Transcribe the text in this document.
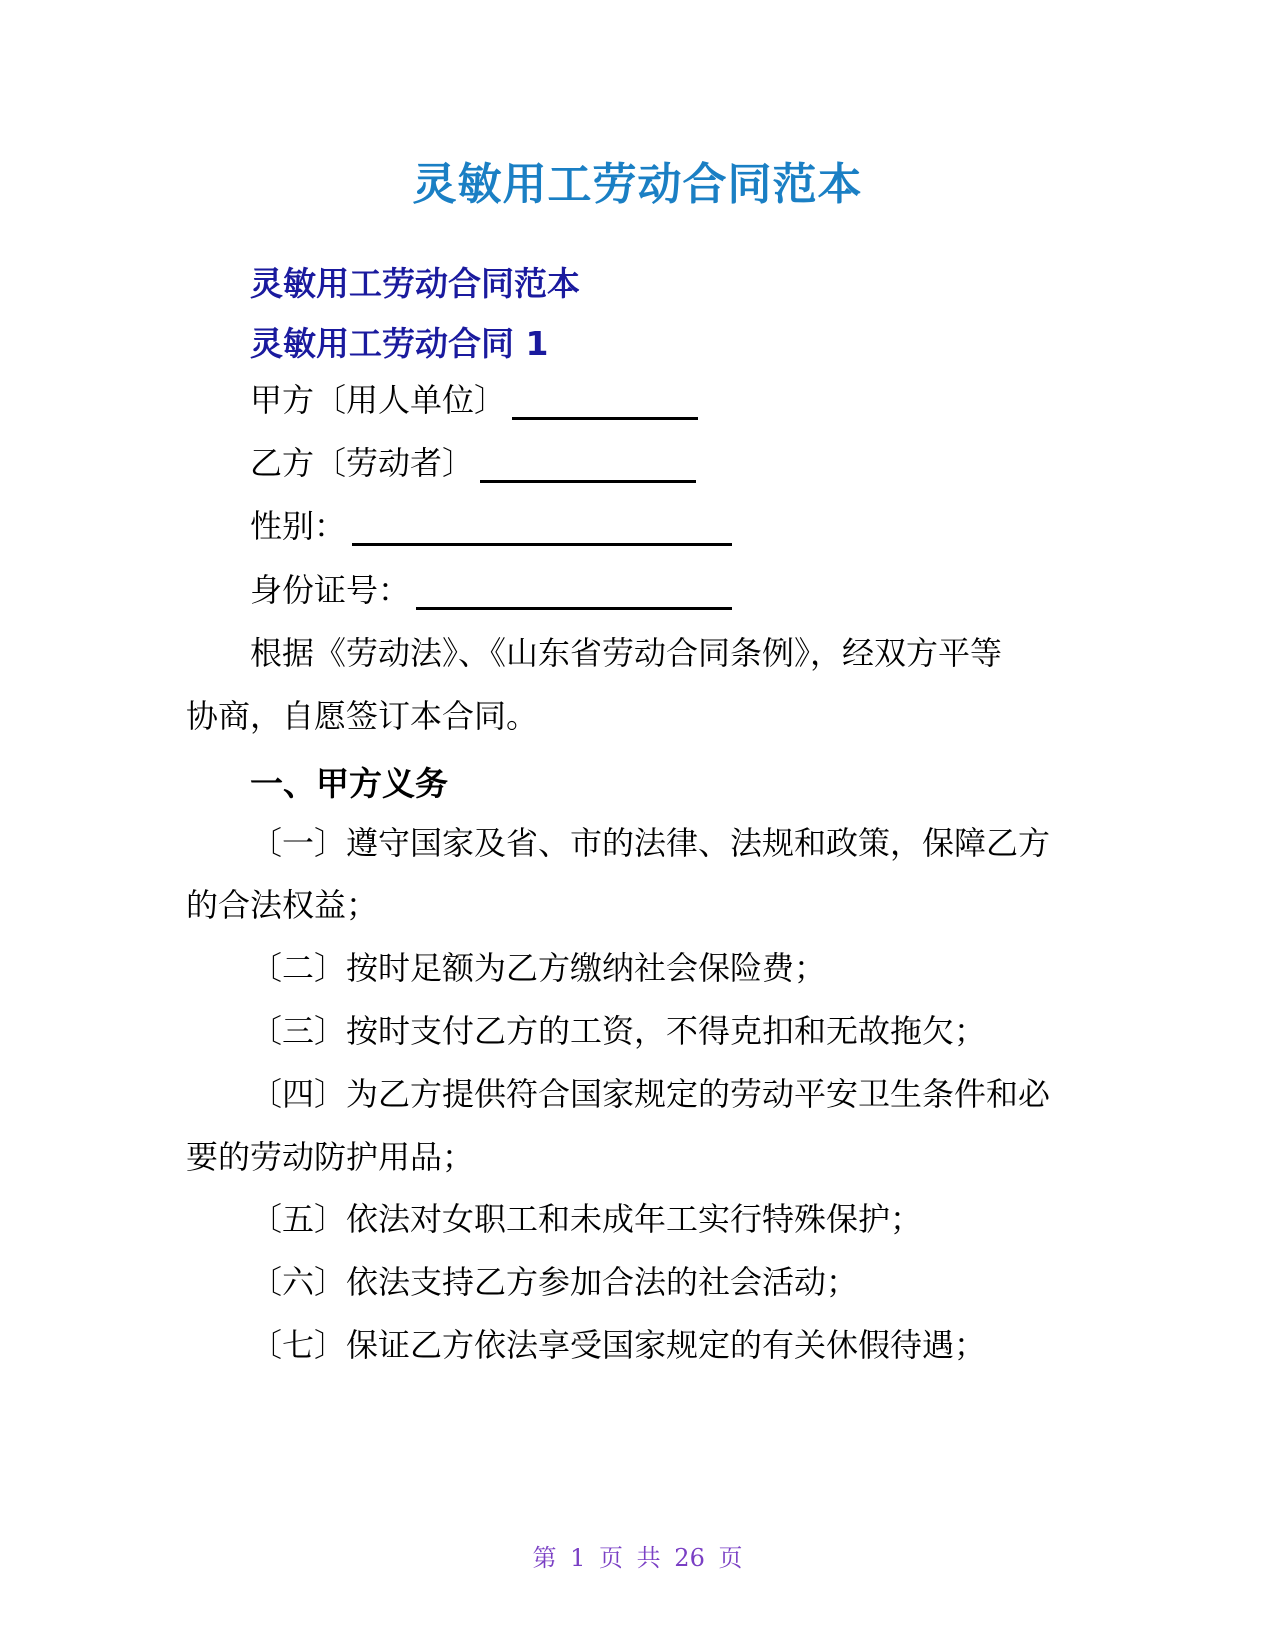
灵敏用工劳动合同范本
灵敏用工劳动合同范本
灵敏用工劳动合同 1
甲方〔用人单位〕
乙方〔劳动者〕
性别：
身份证号：
根据《劳动法》、《山东省劳动合同条例》，经双方平等
协商，自愿签订本合同。
一、甲方义务
〔一〕遵守国家及省、市的法律、法规和政策，保障乙方
的合法权益；
〔二〕按时足额为乙方缴纳社会保险费；
〔三〕按时支付乙方的工资，不得克扣和无故拖欠；
〔四〕为乙方提供符合国家规定的劳动平安卫生条件和必
要的劳动防护用品；
〔五〕依法对女职工和未成年工实行特殊保护；
〔六〕依法支持乙方参加合法的社会活动；
〔七〕保证乙方依法享受国家规定的有关休假待遇；
第 1 页 共 26 页
